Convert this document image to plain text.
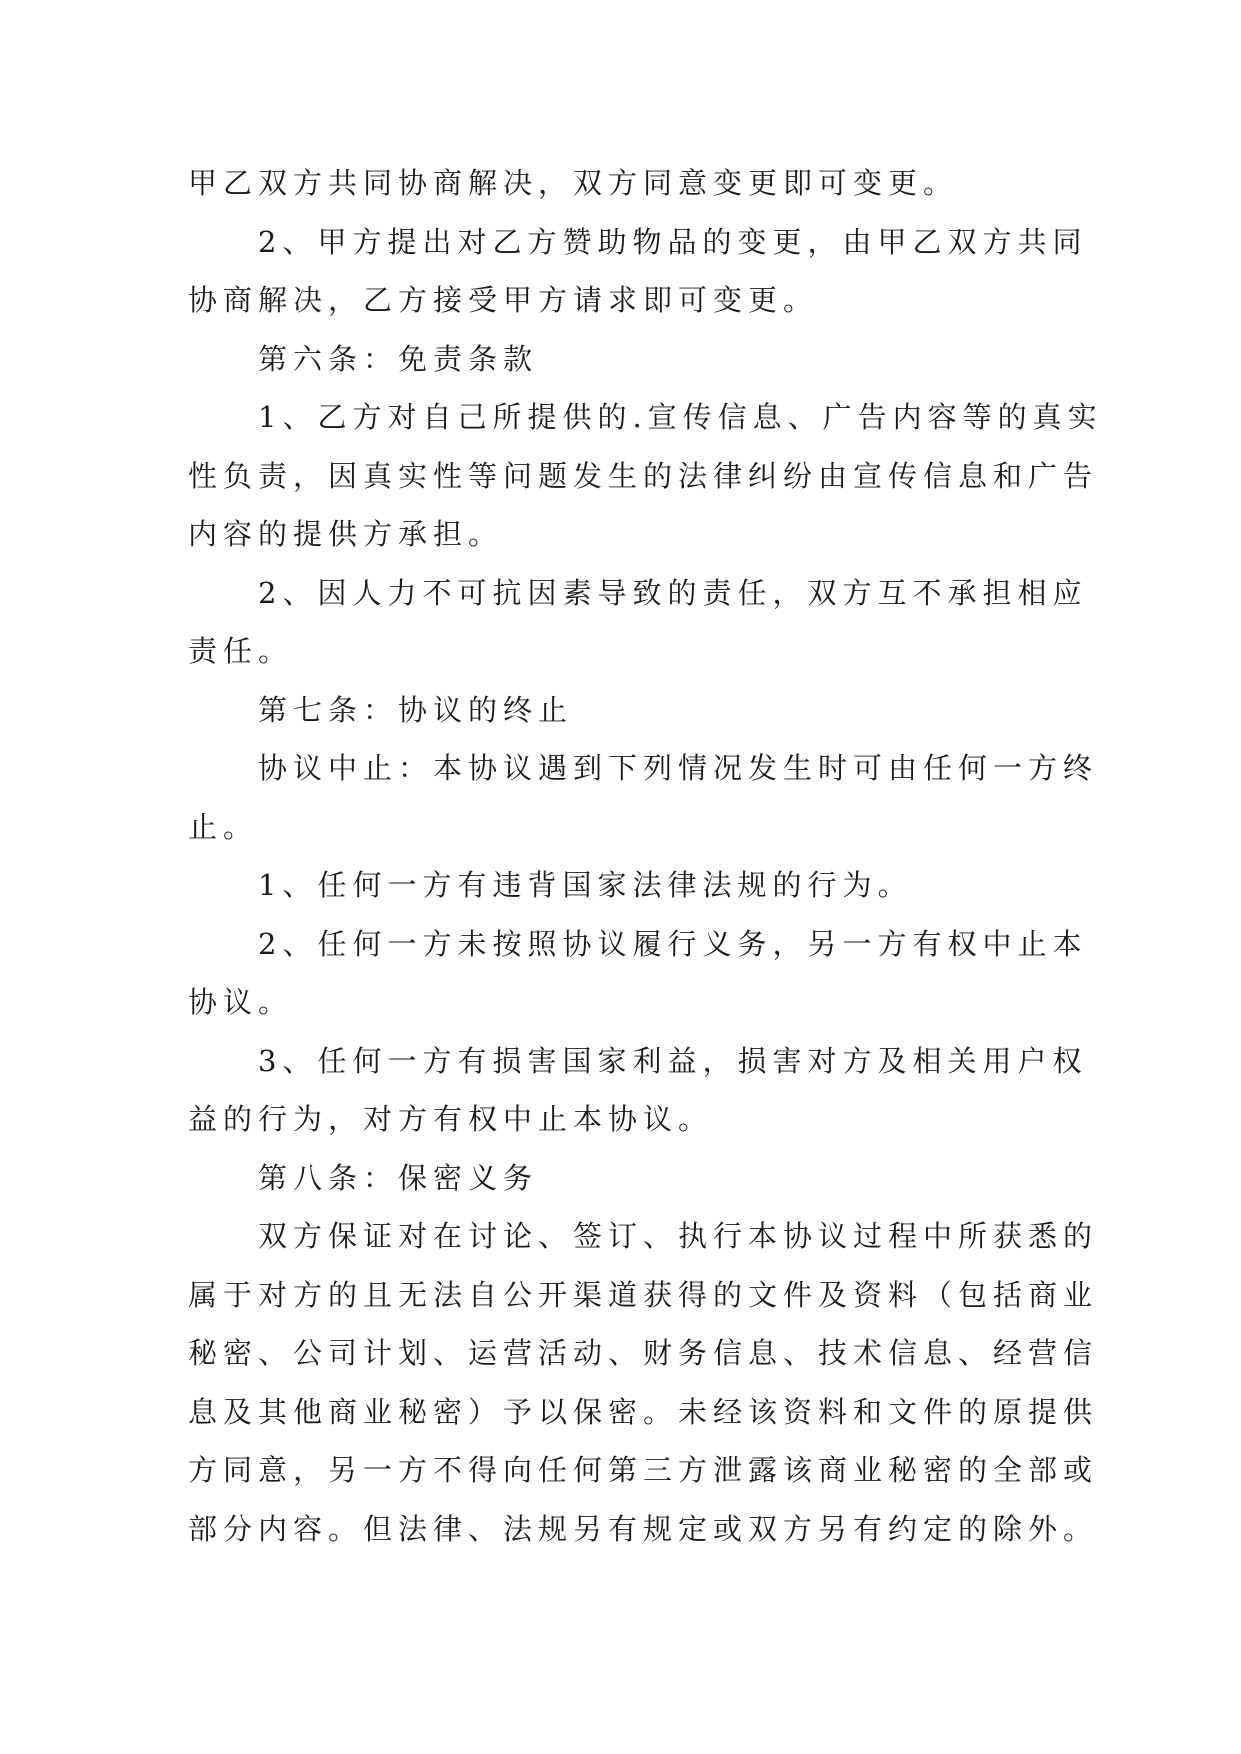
甲乙双方共同协商解决，双方同意变更即可变更。

2、甲方提出对乙方赞助物品的变更，由甲乙双方共同

协商解决，乙方接受甲方请求即可变更。

第六条：免责条款

1、乙方对自己所提供的.宣传信息、广告内容等的真实

性负责，因真实性等问题发生的法律纠纷由宣传信息和广告

内容的提供方承担。

2、因人力不可抗因素导致的责任，双方互不承担相应

责任。

第七条：协议的终止

协议中止：本协议遇到下列情况发生时可由任何一方终

止。

1、任何一方有违背国家法律法规的行为。

2、任何一方未按照协议履行义务，另一方有权中止本

协议。

3、任何一方有损害国家利益，损害对方及相关用户权

益的行为，对方有权中止本协议。

第八条：保密义务

双方保证对在讨论、签订、执行本协议过程中所获悉的

属于对方的且无法自公开渠道获得的文件及资料（包括商业

秘密、公司计划、运营活动、财务信息、技术信息、经营信

息及其他商业秘密）予以保密。未经该资料和文件的原提供

方同意，另一方不得向任何第三方泄露该商业秘密的全部或

部分内容。但法律、法规另有规定或双方另有约定的除外。
